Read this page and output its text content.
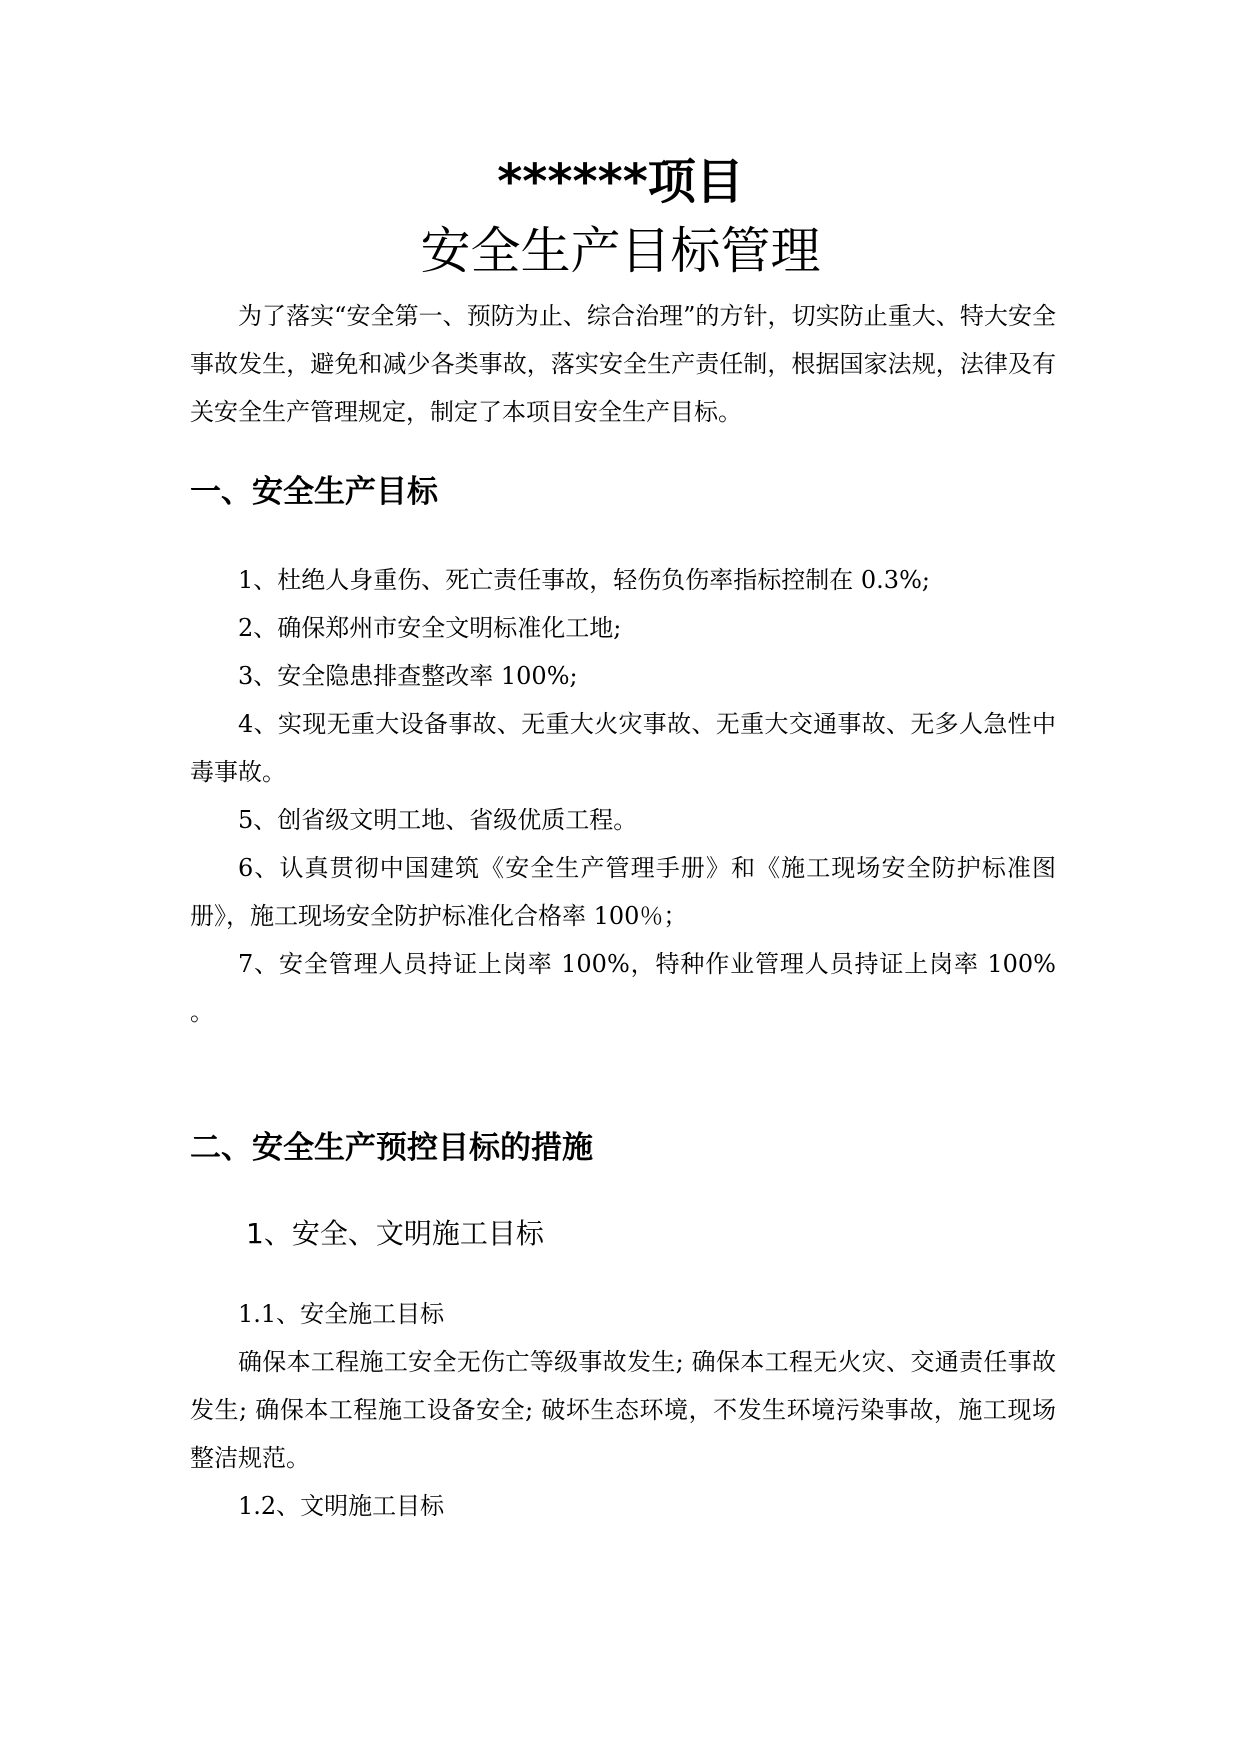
******项目
安全生产目标管理

为了落实“安全第一、预防为止、综合治理”的方针，切实防止重大、特大安全事故发生，避免和减少各类事故，落实安全生产责任制，根据国家法规，法律及有关安全生产管理规定，制定了本项目安全生产目标。

一、安全生产目标

1、杜绝人身重伤、死亡责任事故，轻伤负伤率指标控制在 0.3%;

2、确保郑州市安全文明标准化工地;

3、安全隐患排查整改率 100%;

4、实现无重大设备事故、无重大火灾事故、无重大交通事故、无多人急性中毒事故。

5、创省级文明工地、省级优质工程。

6、认真贯彻中国建筑《安全生产管理手册》和《施工现场安全防护标准图册》，施工现场安全防护标准化合格率 100％；

7、安全管理人员持证上岗率 100%，特种作业管理人员持证上岗率 100% 。

二、安全生产预控目标的措施
1、安全、文明施工目标

1.1、安全施工目标

确保本工程施工安全无伤亡等级事故发生; 确保本工程无火灾、交通责任事故发生; 确保本工程施工设备安全; 破坏生态环境，不发生环境污染事故，施工现场整洁规范。

1.2、文明施工目标
